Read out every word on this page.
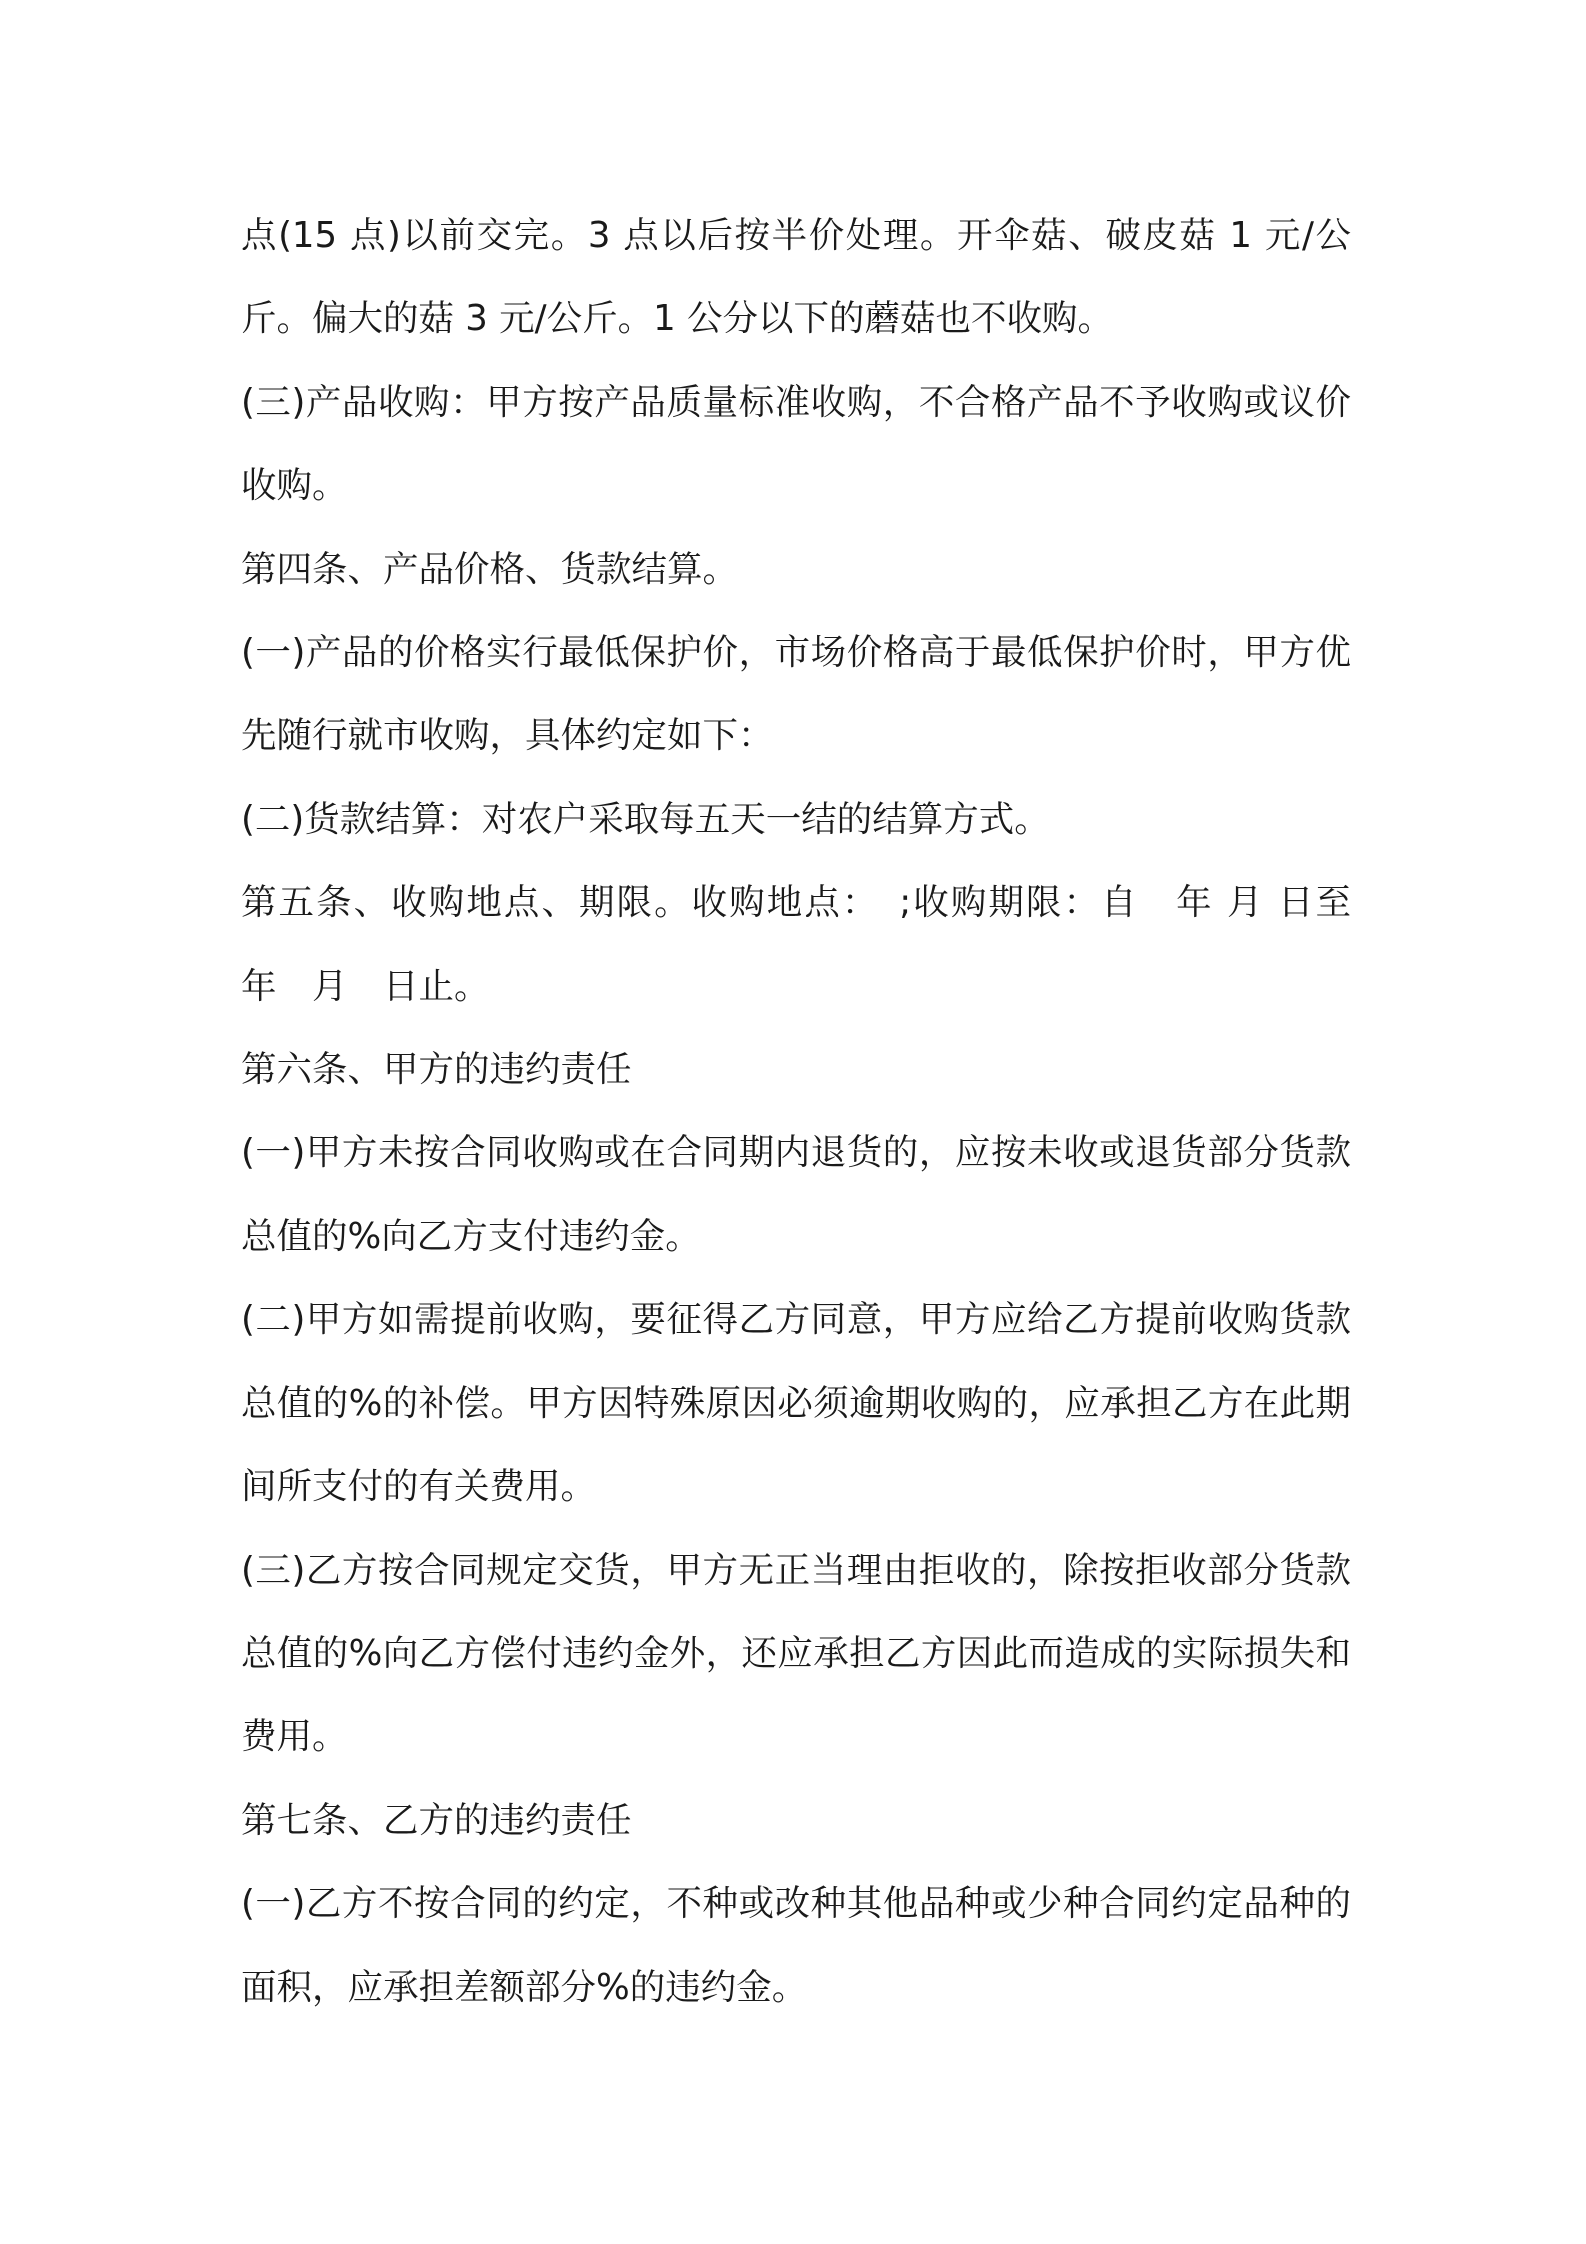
点(15 点)以前交完。3 点以后按半价处理。开伞菇、破皮菇 1 元/公斤。偏大的菇 3 元/公斤。1 公分以下的蘑菇也不收购。

(三)产品收购：甲方按产品质量标准收购，不合格产品不予收购或议价收购。

第四条、产品价格、货款结算。

(一)产品的价格实行最低保护价，市场价格高于最低保护价时，甲方优先随行就市收购，具体约定如下：

(二)货款结算：对农户采取每五天一结的结算方式。

第五条、收购地点、期限。收购地点：　;收购期限：自　年 月 日至　年　月　日止。

第六条、甲方的违约责任

(一)甲方未按合同收购或在合同期内退货的，应按未收或退货部分货款总值的%向乙方支付违约金。

(二)甲方如需提前收购，要征得乙方同意，甲方应给乙方提前收购货款总值的%的补偿。甲方因特殊原因必须逾期收购的，应承担乙方在此期间所支付的有关费用。

(三)乙方按合同规定交货，甲方无正当理由拒收的，除按拒收部分货款总值的%向乙方偿付违约金外，还应承担乙方因此而造成的实际损失和费用。

第七条、乙方的违约责任

(一)乙方不按合同的约定，不种或改种其他品种或少种合同约定品种的面积，应承担差额部分%的违约金。
